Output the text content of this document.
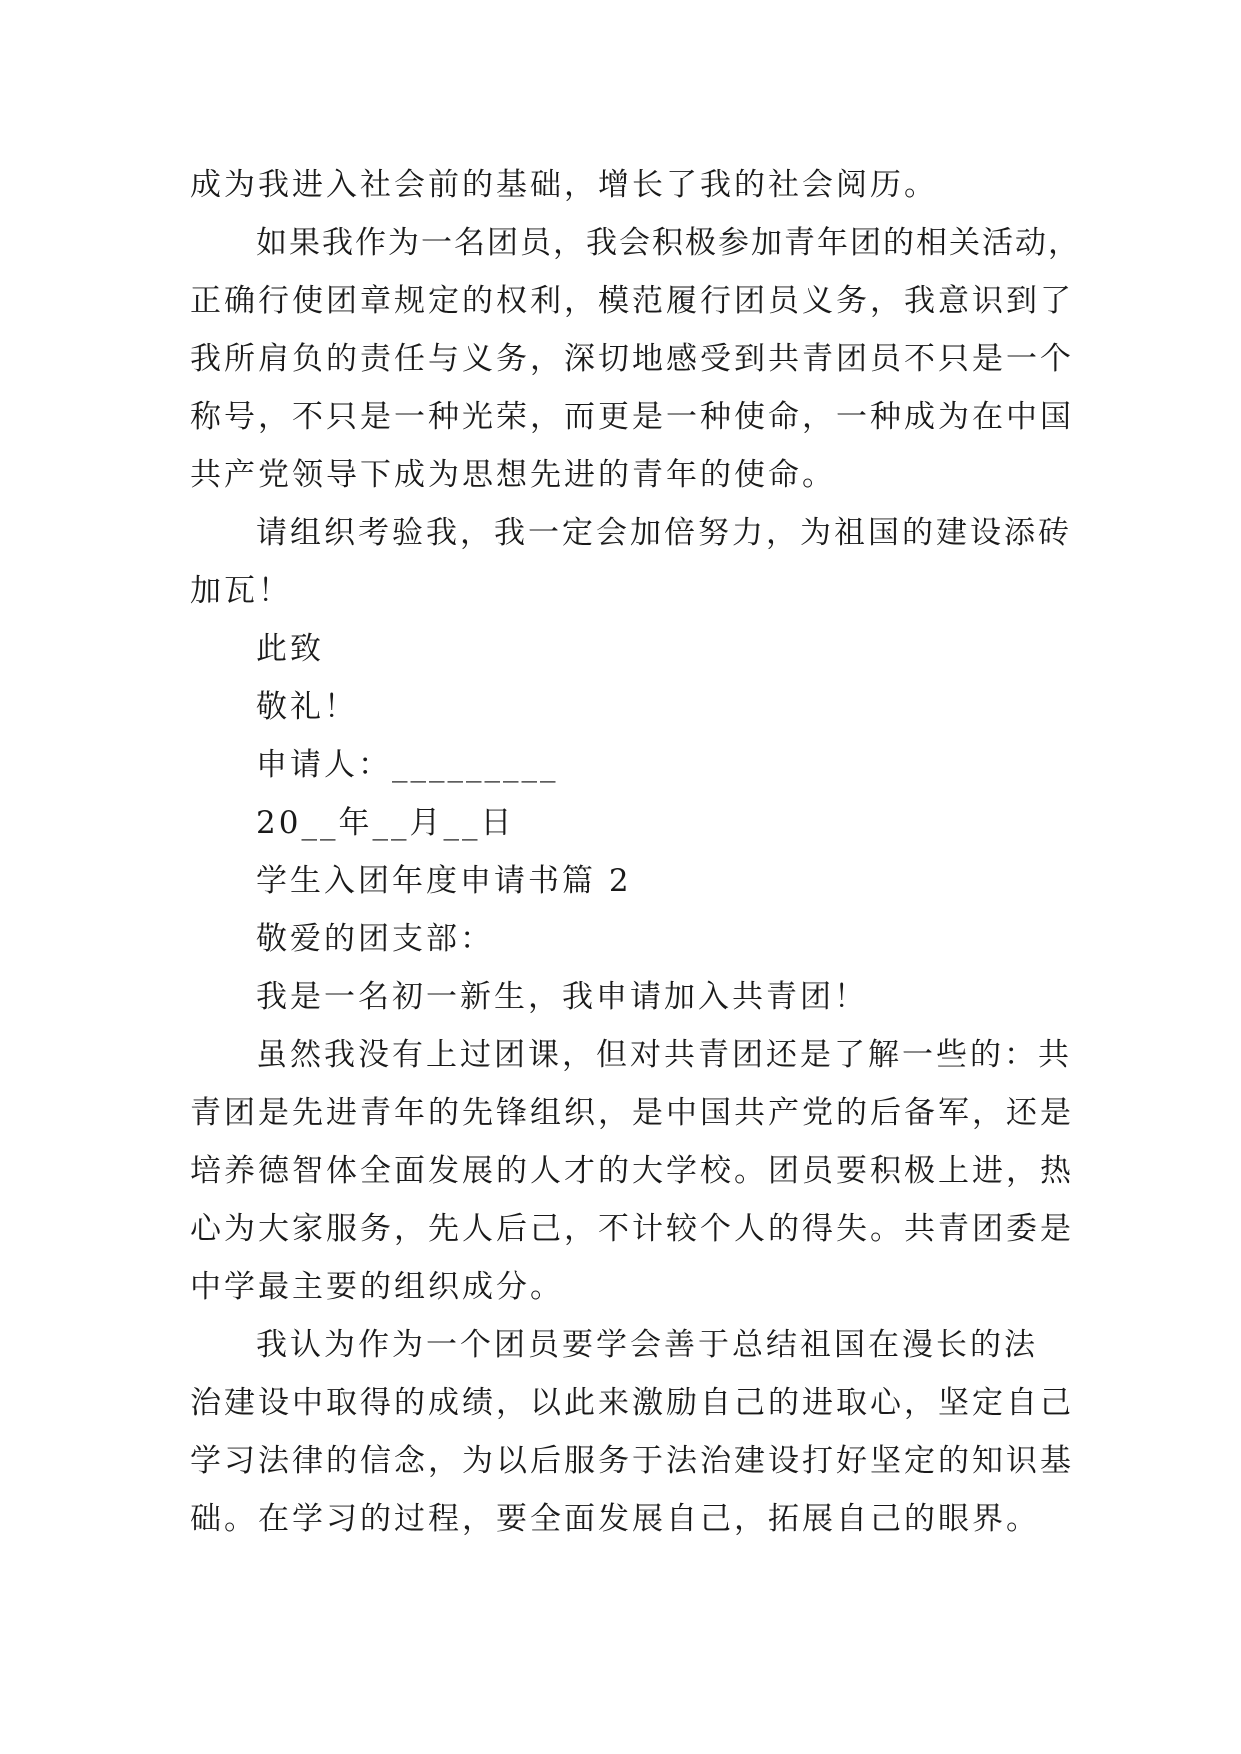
成为我进入社会前的基础，增长了我的社会阅历。
如果我作为一名团员，我会积极参加青年团的相关活动，
正确行使团章规定的权利，模范履行团员义务，我意识到了
我所肩负的责任与义务，深切地感受到共青团员不只是一个
称号，不只是一种光荣，而更是一种使命，一种成为在中国
共产党领导下成为思想先进的青年的使命。
请组织考验我，我一定会加倍努力，为祖国的建设添砖
加瓦！
此致
敬礼！
申请人：_________
20__年__月__日
学生入团年度申请书篇 2
敬爱的团支部：
我是一名初一新生，我申请加入共青团！
虽然我没有上过团课，但对共青团还是了解一些的：共
青团是先进青年的先锋组织，是中国共产党的后备军，还是
培养德智体全面发展的人才的大学校。团员要积极上进，热
心为大家服务，先人后己，不计较个人的得失。共青团委是
中学最主要的组织成分。
我认为作为一个团员要学会善于总结祖国在漫长的法
治建设中取得的成绩，以此来激励自己的进取心，坚定自己
学习法律的信念，为以后服务于法治建设打好坚定的知识基
础。在学习的过程，要全面发展自己，拓展自己的眼界。
